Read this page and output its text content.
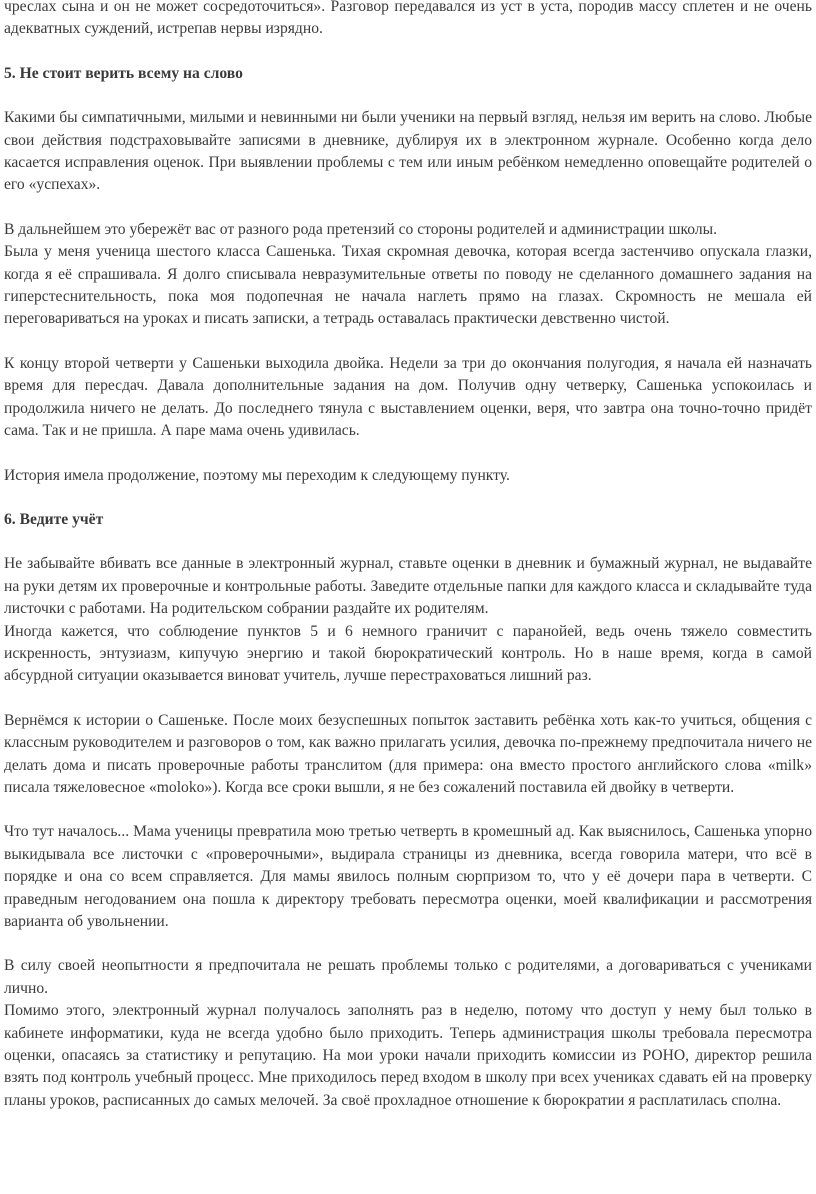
чреслах сына и он не может сосредоточиться». Разговор передавался из уст в уста, породив массу сплетен и не очень адекватных суждений, истрепав нервы изрядно.

5. Не стоит верить всему на слово

Какими бы симпатичными, милыми и невинными ни были ученики на первый взгляд, нельзя им верить на слово. Любые свои действия подстраховывайте записями в дневнике, дублируя их в электронном журнале. Особенно когда дело касается исправления оценок. При выявлении проблемы с тем или иным ребёнком немедленно оповещайте родителей о его «успехах».

В дальнейшем это убережёт вас от разного рода претензий со стороны родителей и администрации школы.

Была у меня ученица шестого класса Сашенька. Тихая скромная девочка, которая всегда застенчиво опускала глазки, когда я её спрашивала. Я долго списывала невразумительные ответы по поводу не сделанного домашнего задания на гиперстеснительность, пока моя подопечная не начала наглеть прямо на глазах. Скромность не мешала ей переговариваться на уроках и писать записки, а тетрадь оставалась практически девственно чистой.

К концу второй четверти у Сашеньки выходила двойка. Недели за три до окончания полугодия, я начала ей назначать время для пересдач. Давала дополнительные задания на дом. Получив одну четверку, Сашенька успокоилась и продолжила ничего не делать. До последнего тянула с выставлением оценки, веря, что завтра она точно-точно придёт сама. Так и не пришла. А паре мама очень удивилась.

История имела продолжение, поэтому мы переходим к следующему пункту.

6. Ведите учёт

Не забывайте вбивать все данные в электронный журнал, ставьте оценки в дневник и бумажный журнал, не выдавайте на руки детям их проверочные и контрольные работы. Заведите отдельные папки для каждого класса и складывайте туда листочки с работами. На родительском собрании раздайте их родителям.

Иногда кажется, что соблюдение пунктов 5 и 6 немного граничит с паранойей, ведь очень тяжело совместить искренность, энтузиазм, кипучую энергию и такой бюрократический контроль. Но в наше время, когда в самой абсурдной ситуации оказывается виноват учитель, лучше перестраховаться лишний раз.

Вернёмся к истории о Сашеньке. После моих безуспешных попыток заставить ребёнка хоть как-то учиться, общения с классным руководителем и разговоров о том, как важно прилагать усилия, девочка по-прежнему предпочитала ничего не делать дома и писать проверочные работы транслитом (для примера: она вместо простого английского слова «milk» писала тяжеловесное «moloko»). Когда все сроки вышли, я не без сожалений поставила ей двойку в четверти.

Что тут началось... Мама ученицы превратила мою третью четверть в кромешный ад. Как выяснилось, Сашенька упорно выкидывала все листочки с «проверочными», выдирала страницы из дневника, всегда говорила матери, что всё в порядке и она со всем справляется. Для мамы явилось полным сюрпризом то, что у её дочери пара в четверти. С праведным негодованием она пошла к директору требовать пересмотра оценки, моей квалификации и рассмотрения варианта об увольнении.

В силу своей неопытности я предпочитала не решать проблемы только с родителями, а договариваться с учениками лично.

Помимо этого, электронный журнал получалось заполнять раз в неделю, потому что доступ у нему был только в кабинете информатики, куда не всегда удобно было приходить. Теперь администрация школы требовала пересмотра оценки, опасаясь за статистику и репутацию. На мои уроки начали приходить комиссии из РОНО, директор решила взять под контроль учебный процесс. Мне приходилось перед входом в школу при всех учениках сдавать ей на проверку планы уроков, расписанных до самых мелочей. За своё прохладное отношение к бюрократии я расплатилась сполна.
